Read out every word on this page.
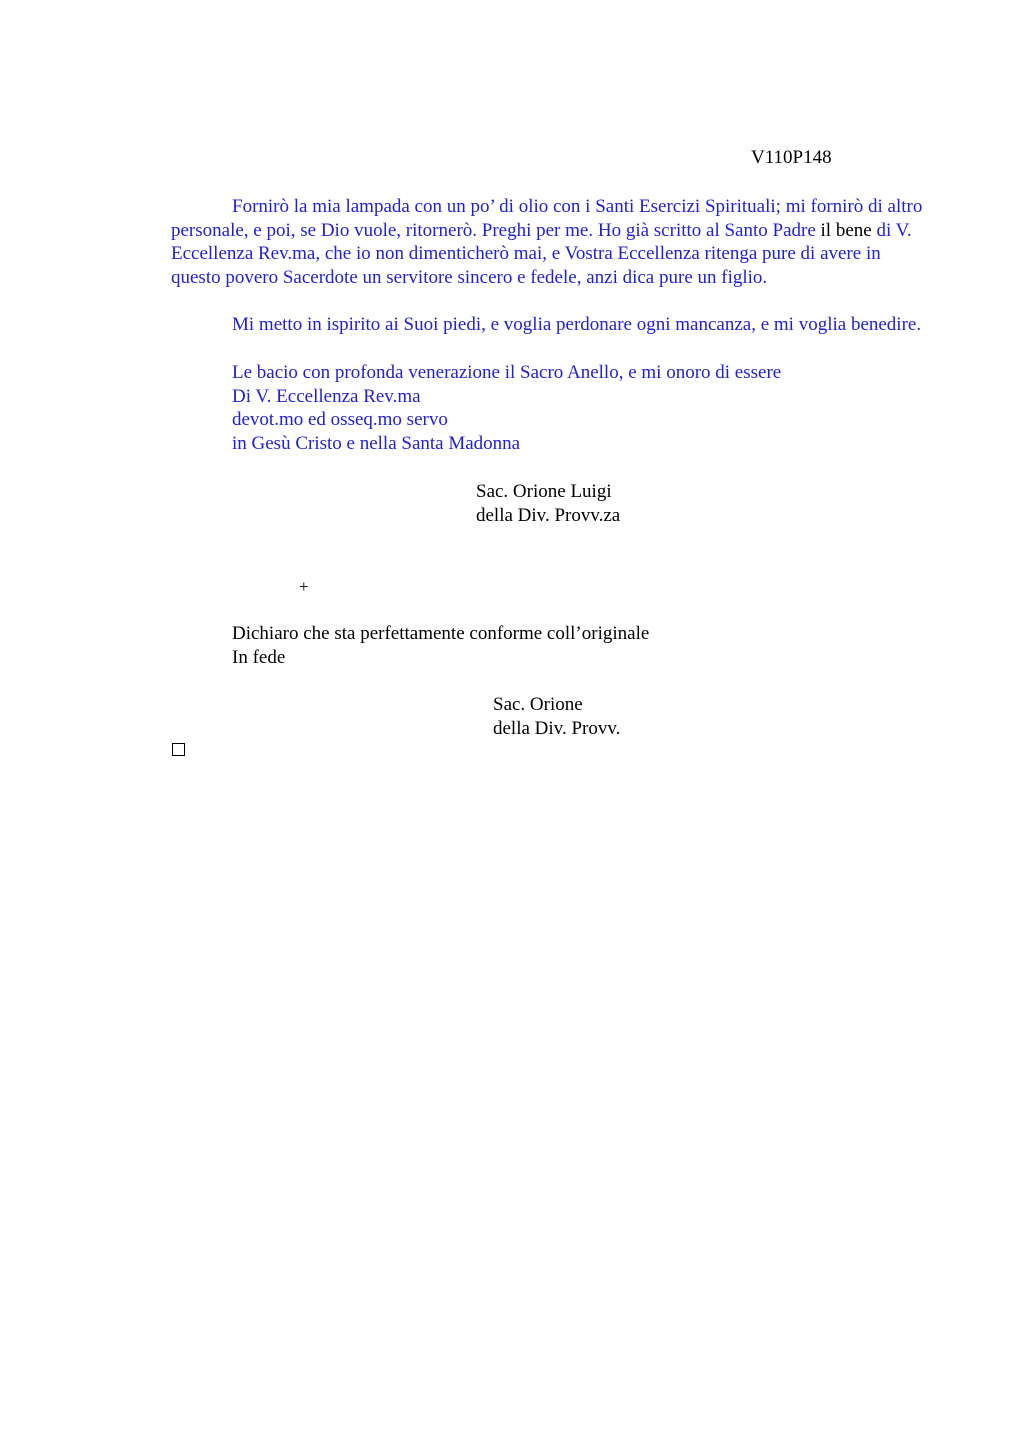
V110P148
Fornirò la mia lampada con un po’ di olio con i Santi Esercizi Spirituali; mi fornirò di altro personale, e poi, se Dio vuole, ritornerò. Preghi per me. Ho già scritto al Santo Padre il bene di V. Eccellenza Rev.ma, che io non dimenticherò mai, e Vostra Eccellenza ritenga pure di avere in questo povero Sacerdote un servitore sincero e fedele, anzi dica pure un figlio.
Mi metto in ispirito ai Suoi piedi, e voglia perdonare ogni mancanza, e mi voglia benedire.
Le bacio con profonda venerazione il Sacro Anello, e mi onoro di essere
Di V. Eccellenza Rev.ma
devot.mo ed osseq.mo servo
in Gesù Cristo e nella Santa Madonna
Sac. Orione Luigi
della Div. Provv.za
+
Dichiaro che sta perfettamente conforme coll’originale
In fede
Sac. Orione
della Div. Provv.
